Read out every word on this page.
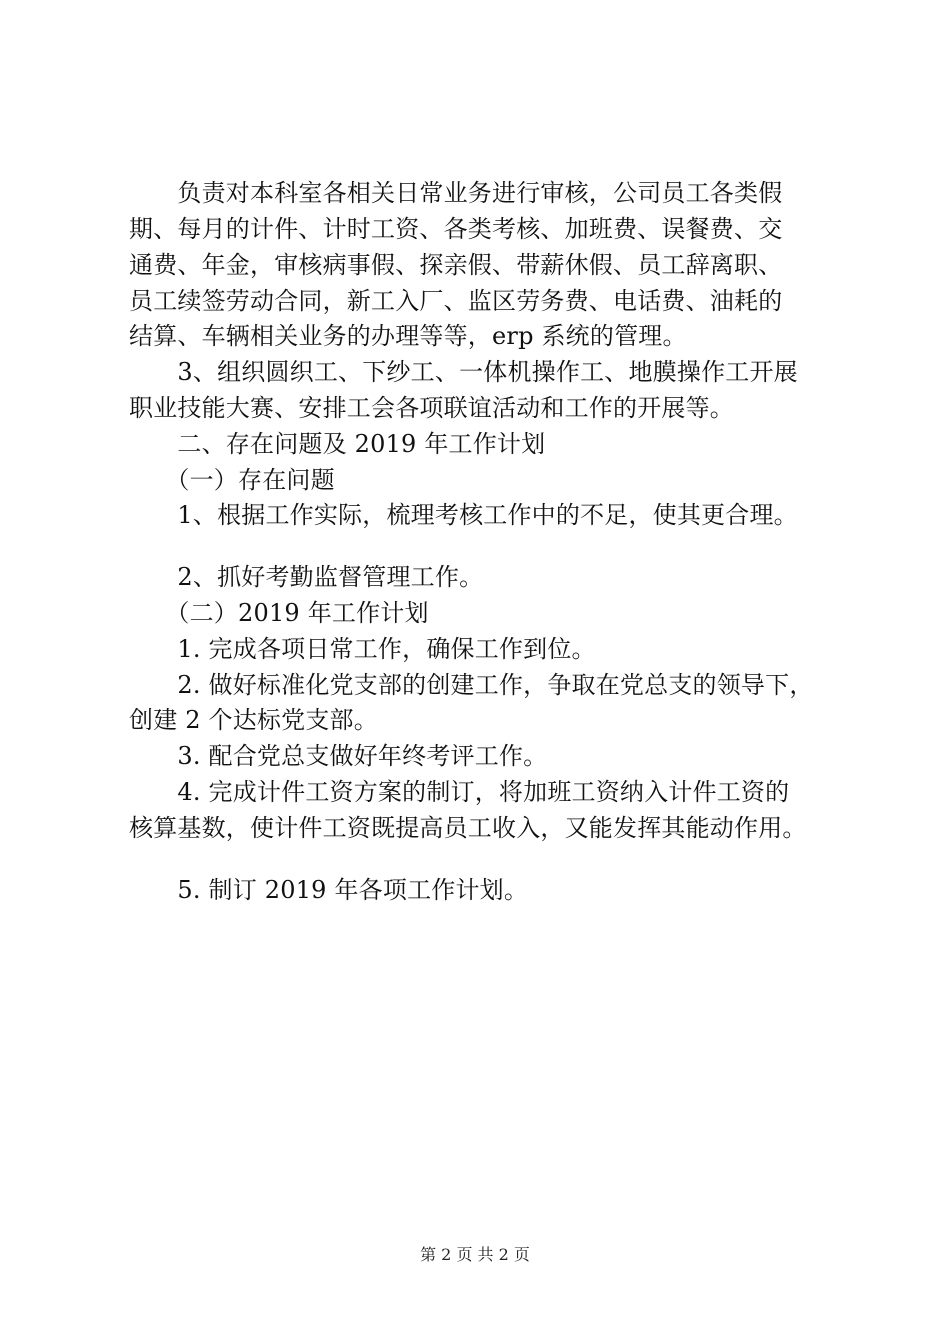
　　负责对本科室各相关日常业务进行审核，公司员工各类假
期、每月的计件、计时工资、各类考核、加班费、误餐费、交
通费、年金，审核病事假、探亲假、带薪休假、员工辞离职、
员工续签劳动合同，新工入厂、监区劳务费、电话费、油耗的
结算、车辆相关业务的办理等等，erp 系统的管理。
　　3、组织圆织工、下纱工、一体机操作工、地膜操作工开展
职业技能大赛、安排工会各项联谊活动和工作的开展等。
　　二、存在问题及 2019 年工作计划
　　（一）存在问题
　　1、根据工作实际，梳理考核工作中的不足，使其更合理。
　　2、抓好考勤监督管理工作。
　　（二）2019 年工作计划
　　1. 完成各项日常工作，确保工作到位。
　　2. 做好标准化党支部的创建工作，争取在党总支的领导下，
创建 2 个达标党支部。
　　3. 配合党总支做好年终考评工作。
　　4. 完成计件工资方案的制订，将加班工资纳入计件工资的
核算基数，使计件工资既提高员工收入，又能发挥其能动作用。
　　5. 制订 2019 年各项工作计划。
第 2 页 共 2 页
